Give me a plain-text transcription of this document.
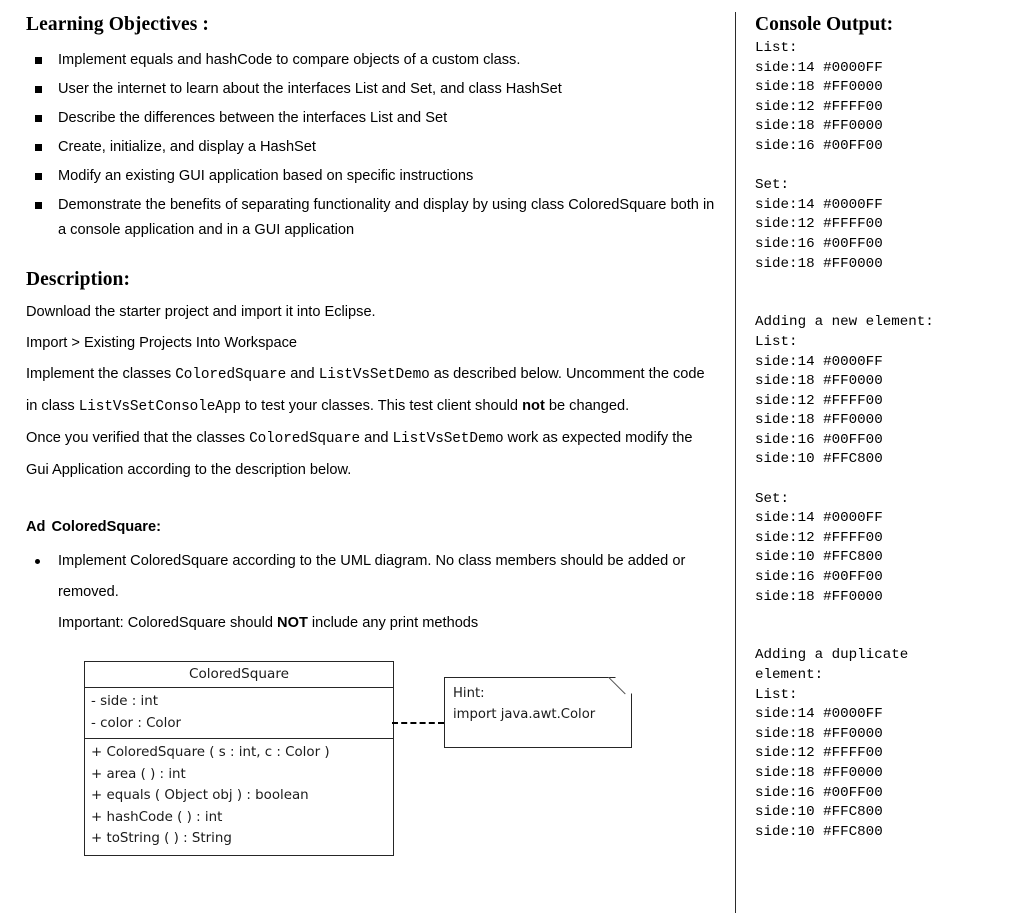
Learning Objectives :
Implement equals and hashCode to compare objects of a custom class.
User the internet to learn about the interfaces List and Set, and class HashSet
Describe the differences between the interfaces List and Set
Create, initialize, and display a HashSet
Modify an existing GUI application based on specific instructions
Demonstrate the benefits of separating functionality and display by using class ColoredSquare both in a console application and in a GUI application
Description:

Download the starter project and import it into Eclipse.

Import > Existing Projects Into Workspace

Implement the classes ColoredSquare and ListVsSetDemo as described below. Uncomment the code in class ListVsSetConsoleApp to test your classes. This test client should not be changed.

Once you verified that the classes ColoredSquare and ListVsSetDemo work as expected modify the Gui Application according to the description below.

Ad ColoredSquare:
Implement ColoredSquare according to the UML diagram. No class members should be added or removed.

Important: ColoredSquare should NOT include any print methods

ColoredSquare
- side : int
- color : Color
+ ColoredSquare ( s : int, c : Color )
+ area ( ) : int
+ equals ( Object obj ) : boolean
+ hashCode ( ) : int
+ toString ( ) : String
Hint:
import java.awt.Color
Console Output:
List:
side:14 #0000FF
side:18 #FF0000
side:12 #FFFF00
side:18 #FF0000
side:16 #00FF00

Set:
side:14 #0000FF
side:12 #FFFF00
side:16 #00FF00
side:18 #FF0000

Adding a new element:
List:
side:14 #0000FF
side:18 #FF0000
side:12 #FFFF00
side:18 #FF0000
side:16 #00FF00
side:10 #FFC800

Set:
side:14 #0000FF
side:12 #FFFF00
side:10 #FFC800
side:16 #00FF00
side:18 #FF0000

Adding a duplicate
element:
List:
side:14 #0000FF
side:18 #FF0000
side:12 #FFFF00
side:18 #FF0000
side:16 #00FF00
side:10 #FFC800
side:10 #FFC800
